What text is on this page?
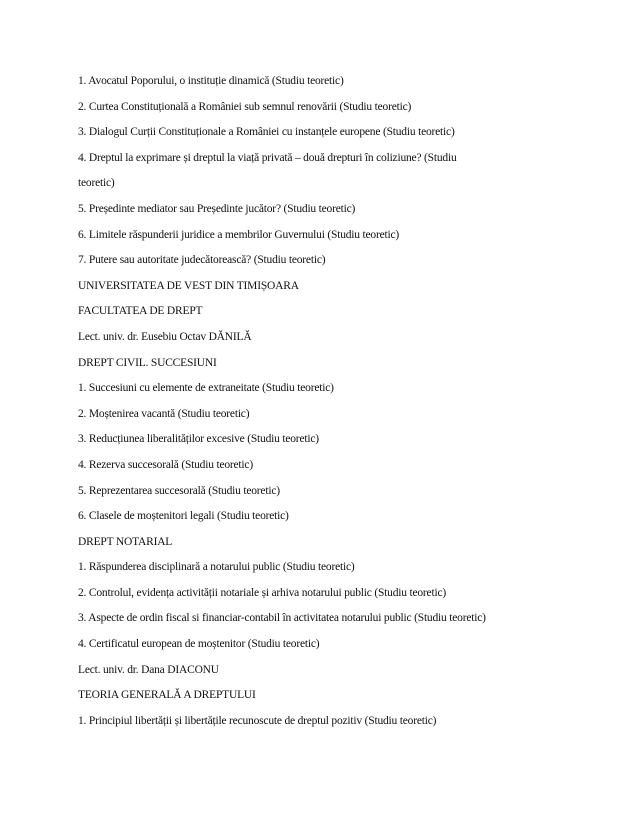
1. Avocatul Poporului, o instituție dinamică (Studiu teoretic)
2. Curtea Constituțională a României sub semnul renovării (Studiu teoretic)
3. Dialogul Curții Constituționale a României cu instanțele europene (Studiu teoretic)
4. Dreptul la exprimare și dreptul la viață privată – două drepturi în coliziune? (Studiu
teoretic)
5. Președinte mediator sau Președinte jucător? (Studiu teoretic)
6. Limitele răspunderii juridice a membrilor Guvernului (Studiu teoretic)
7. Putere sau autoritate judecătorească? (Studiu teoretic)
UNIVERSITATEA DE VEST DIN TIMIȘOARA
FACULTATEA DE DREPT
Lect. univ. dr. Eusebiu Octav DĂNILĂ
DREPT CIVIL. SUCCESIUNI
1. Succesiuni cu elemente de extraneitate (Studiu teoretic)
2. Moștenirea vacantă (Studiu teoretic)
3. Reducțiunea liberalităților excesive (Studiu teoretic)
4. Rezerva succesorală (Studiu teoretic)
5. Reprezentarea succesorală (Studiu teoretic)
6. Clasele de moștenitori legali (Studiu teoretic)
DREPT NOTARIAL
1. Răspunderea disciplinară a notarului public (Studiu teoretic)
2. Controlul, evidența activității notariale și arhiva notarului public (Studiu teoretic)
3. Aspecte de ordin fiscal si financiar-contabil în activitatea notarului public (Studiu teoretic)
4. Certificatul european de moștenitor (Studiu teoretic)
Lect. univ. dr. Dana DIACONU
TEORIA GENERALĂ A DREPTULUI
1. Principiul libertății și libertățile recunoscute de dreptul pozitiv (Studiu teoretic)
